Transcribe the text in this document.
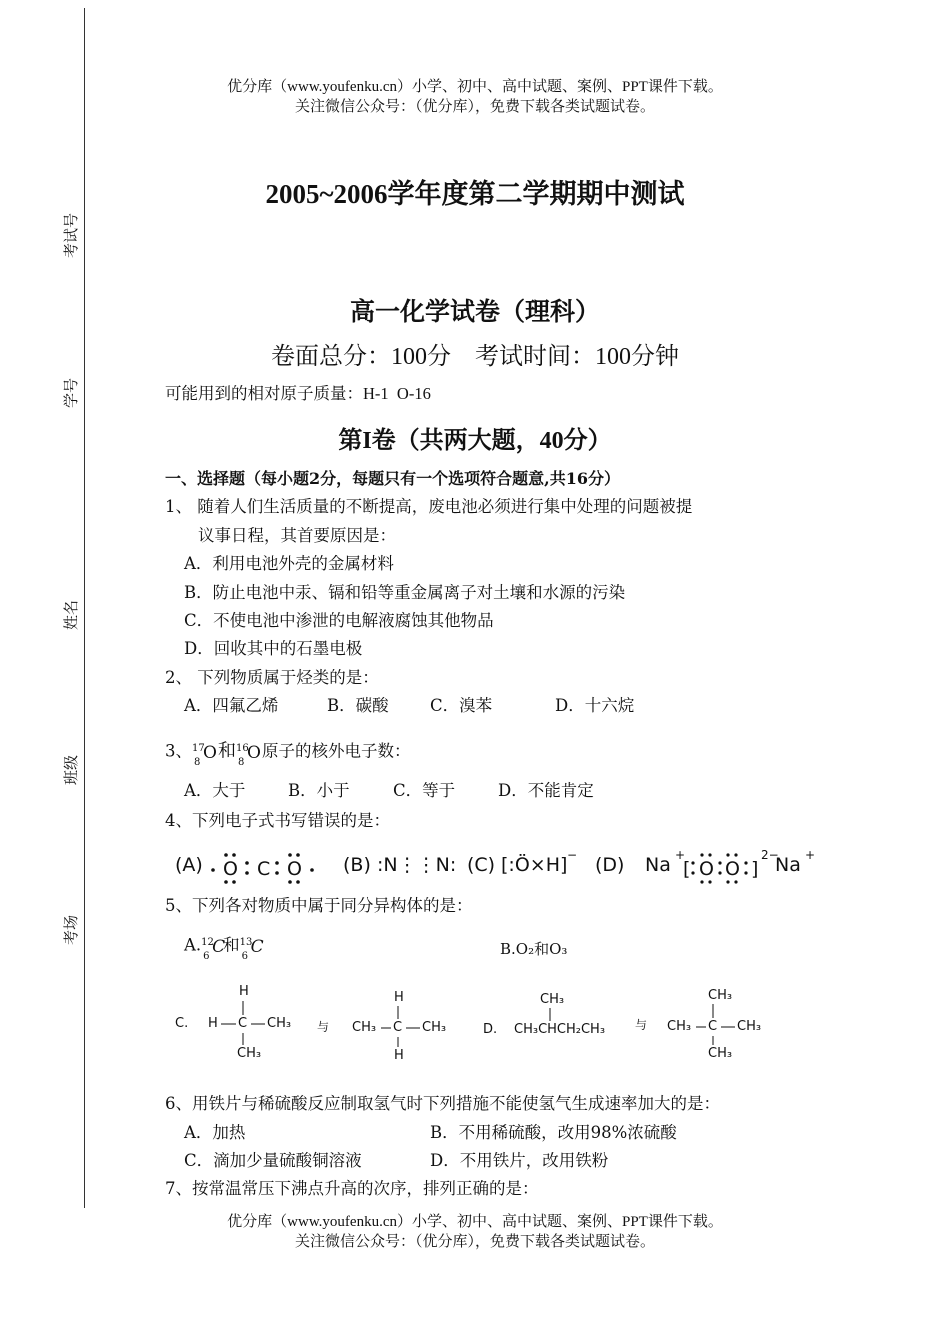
考试号
学号
姓名
班级
考场
优分库（www.youfenku.cn）小学、初中、高中试题、案例、PPT课件下载。
关注微信公众号：（优分库），免费下载各类试题试卷。
2005~2006学年度第二学期期中测试
高一化学试卷（理科）
卷面总分：100分    考试时间：100分钟
可能用到的相对原子质量：H-1  O-16
第I卷（共两大题，40分）
一、选择题（每小题2分，每题只有一个选项符合题意,共16分）
1、 随着人们生活质量的不断提高，废电池必须进行集中处理的问题被提
议事日程，其首要原因是：
A．利用电池外壳的金属材料
B．防止电池中汞、镉和铅等重金属离子对土壤和水源的污染
C．不使电池中渗泄的电解液腐蚀其他物品
D．回收其中的石墨电极
2、 下列物质属于烃类的是：
A．四氟乙烯	B．碳酸	C．溴苯	D．十六烷
3、 17
8 O 和 16
8 O 原子的核外电子数：
A．大于	B．小于	C．等于	D．不能肯定
4、下列电子式书写错误的是：
(A) O C O (B) :N⋮⋮N: (C) [:Ö×H] − (D) Na +
[ O O ]
2−
Na +
5、下列各对物质中属于同分异构体的是：
A. 12
6 C
和 13
6 C	B.O₂和O₃
C.
H
H C CH₃
CH₃
与
H
CH₃ C CH₃
H
D.
CH₃
CH₃CHCH₂CH₃ 与
CH₃
CH₃ C CH₃
CH₃
6、用铁片与稀硫酸反应制取氢气时下列措施不能使氢气生成速率加大的是：
A．加热	B．不用稀硫酸，改用98%浓硫酸
C．滴加少量硫酸铜溶液	D．不用铁片，改用铁粉
7、按常温常压下沸点升高的次序，排列正确的是：
优分库（www.youfenku.cn）小学、初中、高中试题、案例、PPT课件下载。
关注微信公众号：（优分库），免费下载各类试题试卷。
